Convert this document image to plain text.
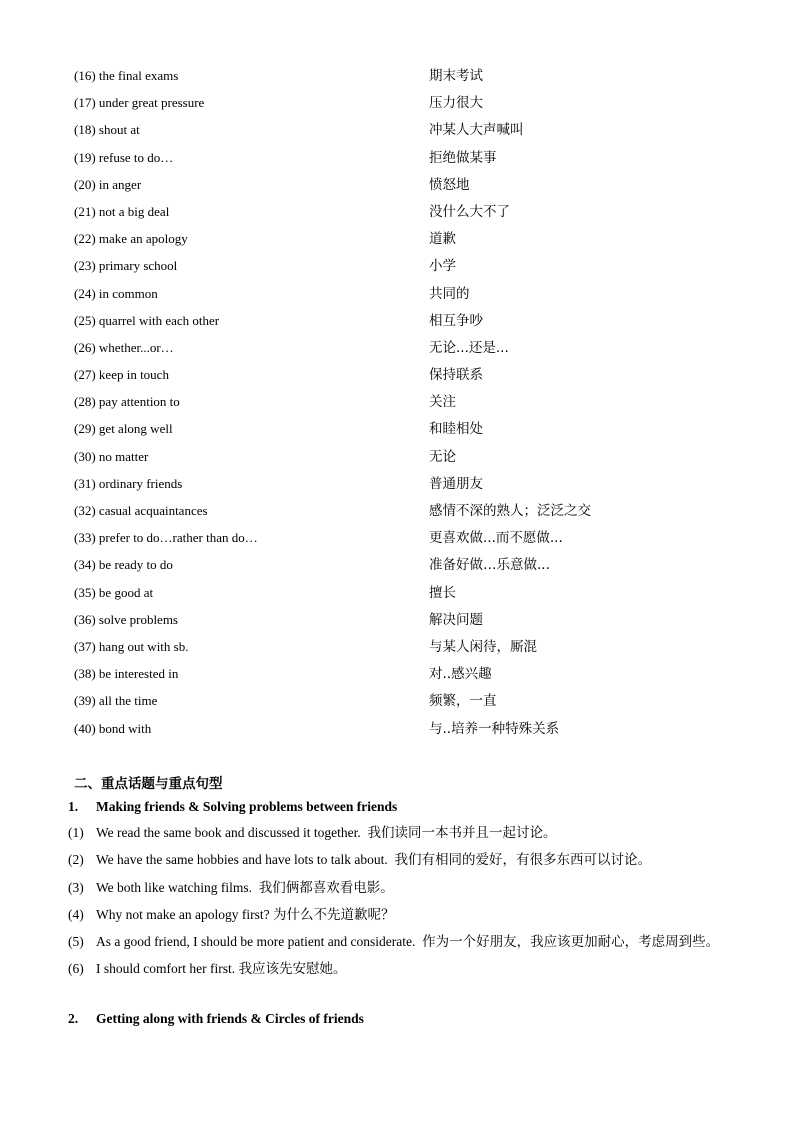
(16) the final exams	期末考试
(17) under great pressure	压力很大
(18) shout at	冲某人大声喊叫
(19) refuse to do…	拒绝做某事
(20) in anger	愤怒地
(21) not a big deal	没什么大不了
(22) make an apology	道歉
(23) primary school	小学
(24) in common	共同的
(25) quarrel with each other	相互争吵
(26) whether...or…	无论...还是...
(27) keep in touch	保持联系
(28) pay attention to	关注
(29) get along well	和睦相处
(30) no matter	无论
(31) ordinary friends	普通朋友
(32) casual acquaintances	感情不深的熟人；泛泛之交
(33) prefer to do…rather than do…	更喜欢做...而不愿做...
(34) be ready to do	准备好做…乐意做...
(35) be good at	擅长
(36) solve problems	解决问题
(37) hang out with sb.	与某人闲待，厮混
(38) be interested in	对..感兴趣
(39) all the time	频繁，一直
(40) bond with	与..培养一种特殊关系
二、重点话题与重点句型
1. Making friends & Solving problems between friends
(1) We read the same book and discussed it together. 我们读同一本书并且一起讨论。
(2) We have the same hobbies and have lots to talk about. 我们有相同的爱好，有很多东西可以讨论。
(3) We both like watching films. 我们俩都喜欢看电影。
(4) Why not make an apology first? 为什么不先道歉呢？
(5) As a good friend, I should be more patient and considerate. 作为一个好朋友，我应该更加耐心，考虑周到些。
(6) I should comfort her first. 我应该先安慰她。
2. Getting along with friends & Circles of friends
